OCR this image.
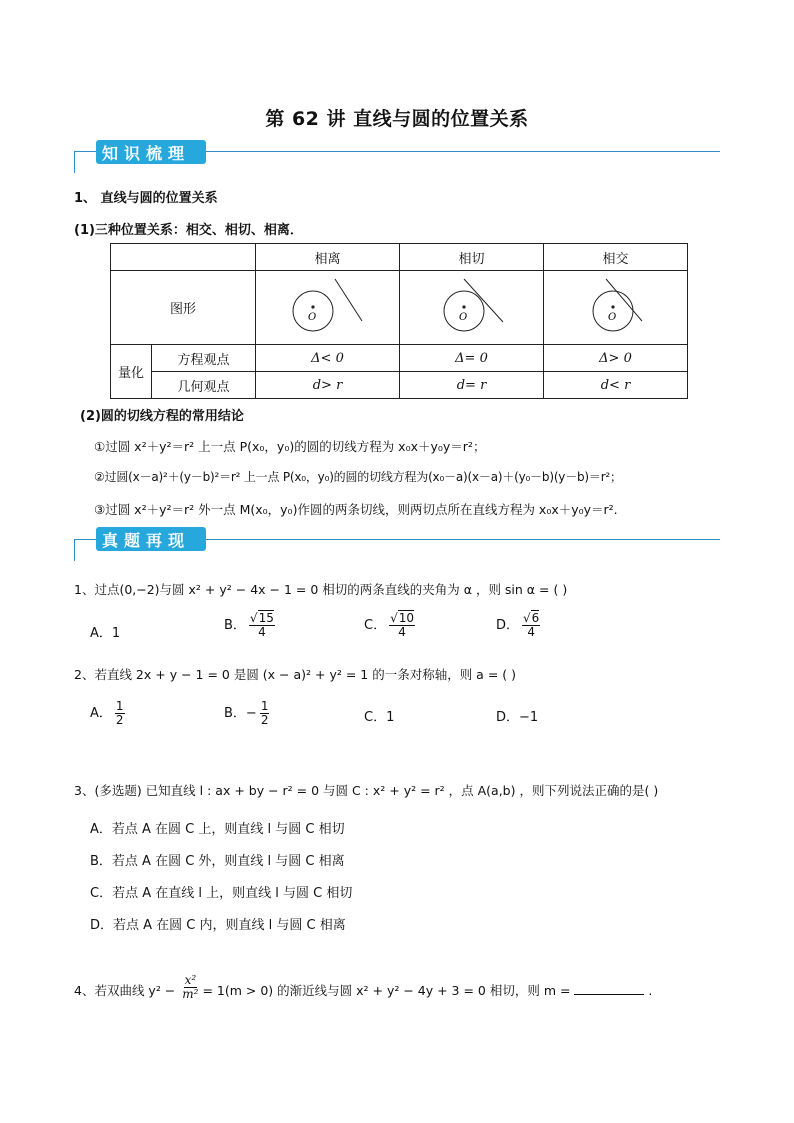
第 62 讲 直线与圆的位置关系
知识梳理
1、 直线与圆的位置关系
(1)三种位置关系：相交、相切、相离．
		相离	相切	相交
图形		O	O	O

量化	方程观点	Δ< 0	Δ= 0	Δ> 0
	几何观点	d> r	d= r	d< r
(2)圆的切线方程的常用结论
①过圆 x²＋y²＝r² 上一点 P(x₀，y₀)的圆的切线方程为 x₀x＋y₀y＝r²；
②过圆(x－a)²＋(y－b)²＝r² 上一点 P(x₀，y₀)的圆的切线方程为(x₀－a)(x－a)＋(y₀－b)(y－b)＝r²；
③过圆 x²＋y²＝r² 外一点 M(x₀，y₀)作圆的两条切线，则两切点所在直线方程为 x₀x＋y₀y＝r².
真题再现
1、过点(0,−2)与圆 x² + y² − 4x − 1 = 0 相切的两条直线的夹角为 α ，则 sin α = ( )
A．1
B． $\frac{√15}{4}$	C． $\frac{√10}{4}$	D． $\frac{√6}{4}$
2、若直线 2x + y − 1 = 0 是圆 (x − a)² + y² = 1 的一条对称轴，则 a = ( )
A． $\frac{1}{2}$	B．− $\frac{1}{2}$	C．1	D．−1
3、(多选题) 已知直线 l : ax + by − r² = 0 与圆 C : x² + y² = r² ，点 A(a,b) ，则下列说法正确的是( )
A．若点 A 在圆 C 上，则直线 l 与圆 C 相切
B．若点 A 在圆 C 外，则直线 l 与圆 C 相离
C．若点 A 在直线 l 上，则直线 l 与圆 C 相切
D．若点 A 在圆 C 内，则直线 l 与圆 C 相离
4、若双曲线 $y^2 - \frac{\text{x²}}{\text{m²}} = 1(m > 0)$ 的渐近线与圆 x² + y² − 4y + 3 = 0 相切，则 m =	.
